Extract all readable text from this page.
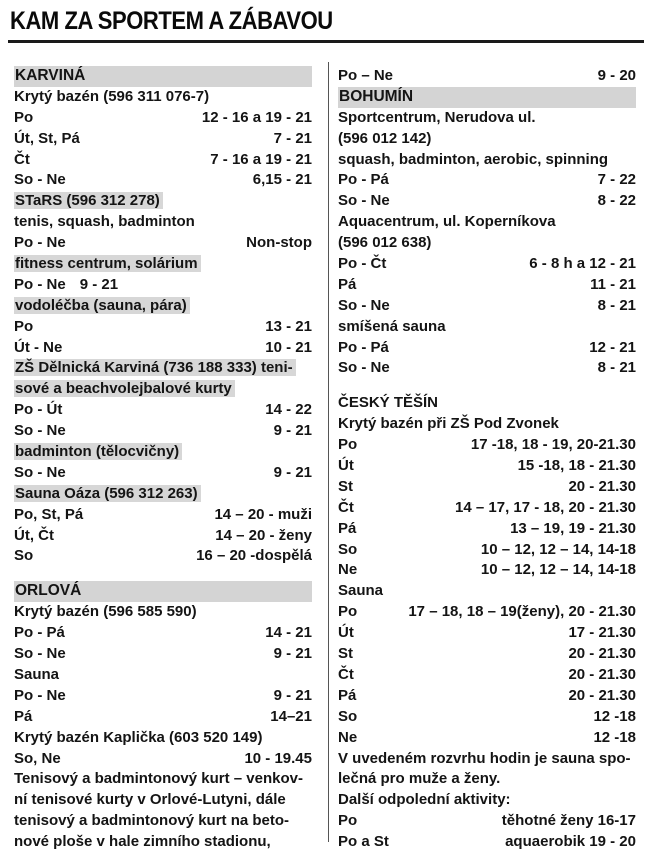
KAM ZA SPORTEM A ZÁBAVOU
KARVINÁ
Krytý bazén (596 311 076-7)
Po	12 - 16 a 19 - 21
Út, St, Pá	7 - 21
Čt	7 - 16 a 19 - 21
So - Ne	6,15 - 21
STaRS (596 312 278)
tenis, squash, badminton
Po - Ne	Non-stop
fitness centrum, solárium
Po - Ne 9 - 21
vodoléčba (sauna, pára)
Po	13 - 21
Út - Ne	10 - 21
ZŠ Dělnická Karviná (736 188 333) teni-
sové a beachvolejbalové kurty
Po - Út	14 - 22
So - Ne	9 - 21
badminton (tělocvičny)
So - Ne	9 - 21
Sauna Oáza (596 312 263)
Po, St, Pá	14 – 20 - muži
Út, Čt	14 – 20 - ženy
So	16 – 20 -dospělá
ORLOVÁ
Krytý bazén (596 585 590)
Po - Pá	14 - 21
So - Ne	9 - 21
Sauna
Po - Ne	9 - 21
Pá	14–21
Krytý bazén Kaplička (603 520 149)
So, Ne	10 - 19.45
Tenisový a badmintonový kurt – venkov-
ní tenisové kurty v Orlové-Lutyni, dále
tenisový a badmintonový kurt na beto-
nové ploše v hale zimního stadionu,
Po – Ne	9 - 20
BOHUMÍN
Sportcentrum, Nerudova ul.
(596 012 142)
squash, badminton, aerobic, spinning
Po - Pá	7 - 22
So - Ne	8 - 22
Aquacentrum, ul. Koperníkova
(596 012 638)
Po - Čt	6 - 8 h a 12 - 21
Pá	11 - 21
So - Ne	8 - 21
smíšená sauna
Po - Pá	12 - 21
So - Ne	8 - 21
ČESKÝ TĚŠÍN
Krytý bazén při ZŠ Pod Zvonek
Po	17 -18, 18 - 19, 20-21.30
Út	15 -18, 18 - 21.30
St	20 - 21.30
Čt	14 – 17, 17 - 18, 20 - 21.30
Pá	13 – 19, 19 - 21.30
So	10 – 12, 12 – 14, 14-18
Ne	10 – 12, 12 – 14, 14-18
Sauna
Po	17 – 18, 18 – 19(ženy), 20 - 21.30
Út	17 - 21.30
St	20 - 21.30
Čt	20 - 21.30
Pá	20 - 21.30
So	12 -18
Ne	12 -18
V uvedeném rozvrhu hodin je sauna spo-
lečná pro muže a ženy.
Další odpolední aktivity:
Po	těhotné ženy 16-17
Po a St	aquaerobik 19 - 20
